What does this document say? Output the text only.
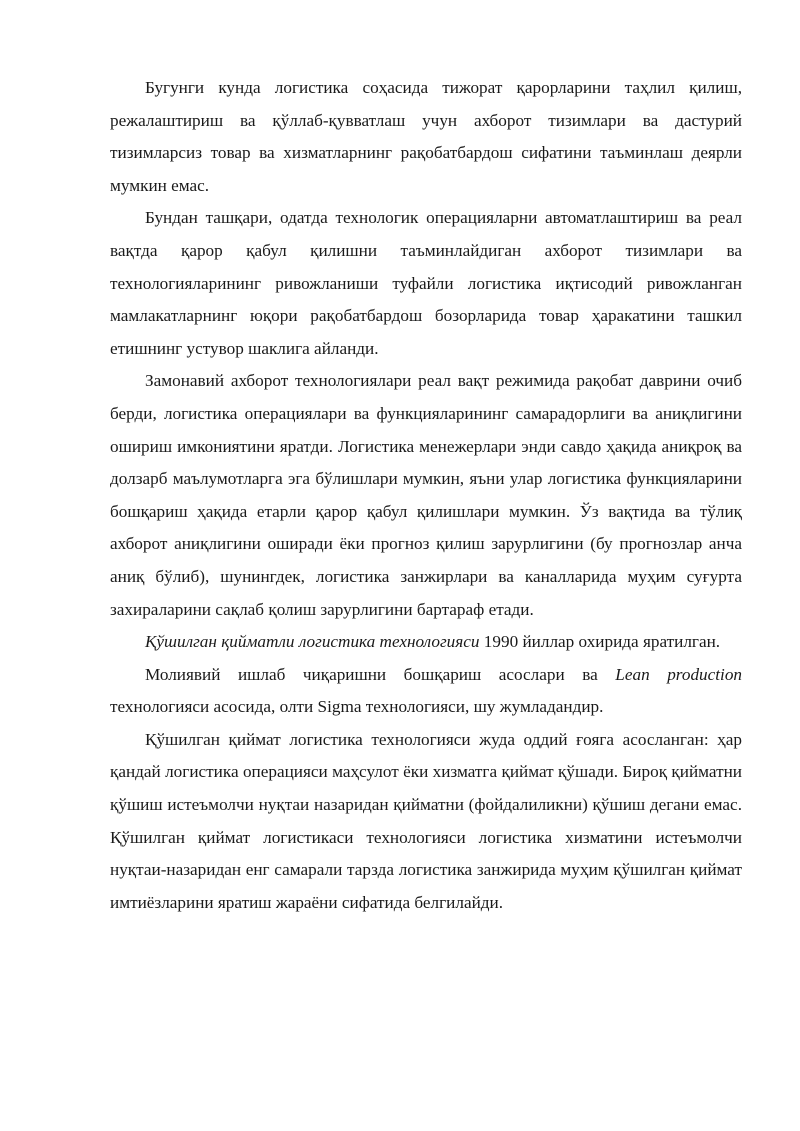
Бугунги кунда логистика соҳасида тижорат қарорларини таҳлил қилиш, режалаштириш ва қўллаб-қувватлаш учун ахборот тизимлари ва дастурий тизимларсиз товар ва хизматларнинг рақобатбардош сифатини таъминлаш деярли мумкин емас.

Бундан ташқари, одатда технологик операцияларни автоматлаштириш ва реал вақтда қарор қабул қилишни таъминлайдиган ахборот тизимлари ва технологияларининг ривожланиши туфайли логистика иқтисодий ривожланган мамлакатларнинг юқори рақобатбардош бозорларида товар ҳаракатини ташкил етишнинг устувор шаклига айланди.

Замонавий ахборот технологиялари реал вақт режимида рақобат даврини очиб берди, логистика операциялари ва функцияларининг самарадорлиги ва аниқлигини ошириш имкониятини яратди. Логистика менежерлари энди савдо ҳақида аниқроқ ва долзарб маълумотларга эга бўлишлари мумкин, яъни улар логистика функцияларини бошқариш ҳақида етарли қарор қабул қилишлари мумкин. Ўз вақтида ва тўлиқ ахборот аниқлигини оширади ёки прогноз қилиш зарурлигини (бу прогнозлар анча аниқ бўлиб), шунингдек, логистика занжирлари ва каналларида муҳим суғурта захираларини сақлаб қолиш зарурлигини бартараф етади.

Қўшилган қийматли логистика технологияси 1990 йиллар охирида яратилган.

Молиявий ишлаб чиқаришни бошқариш асослари ва Lean production технологияси асосида, олти Sigma технологияси, шу жумладандир.

Қўшилган қиймат логистика технологияси жуда оддий ғояга асосланган: ҳар қандай логистика операцияси маҳсулот ёки хизматга қиймат қўшади. Бироқ қийматни қўшиш истеъмолчи нуқтаи назаридан қийматни (фойдалиликни) қўшиш дегани емас. Қўшилган қиймат логистикаси технологияси логистика хизматини истеъмолчи нуқтаи-назаридан енг самарали тарзда логистика занжирида муҳим қўшилган қиймат имтиёзларини яратиш жараёни сифатида белгилайди.
